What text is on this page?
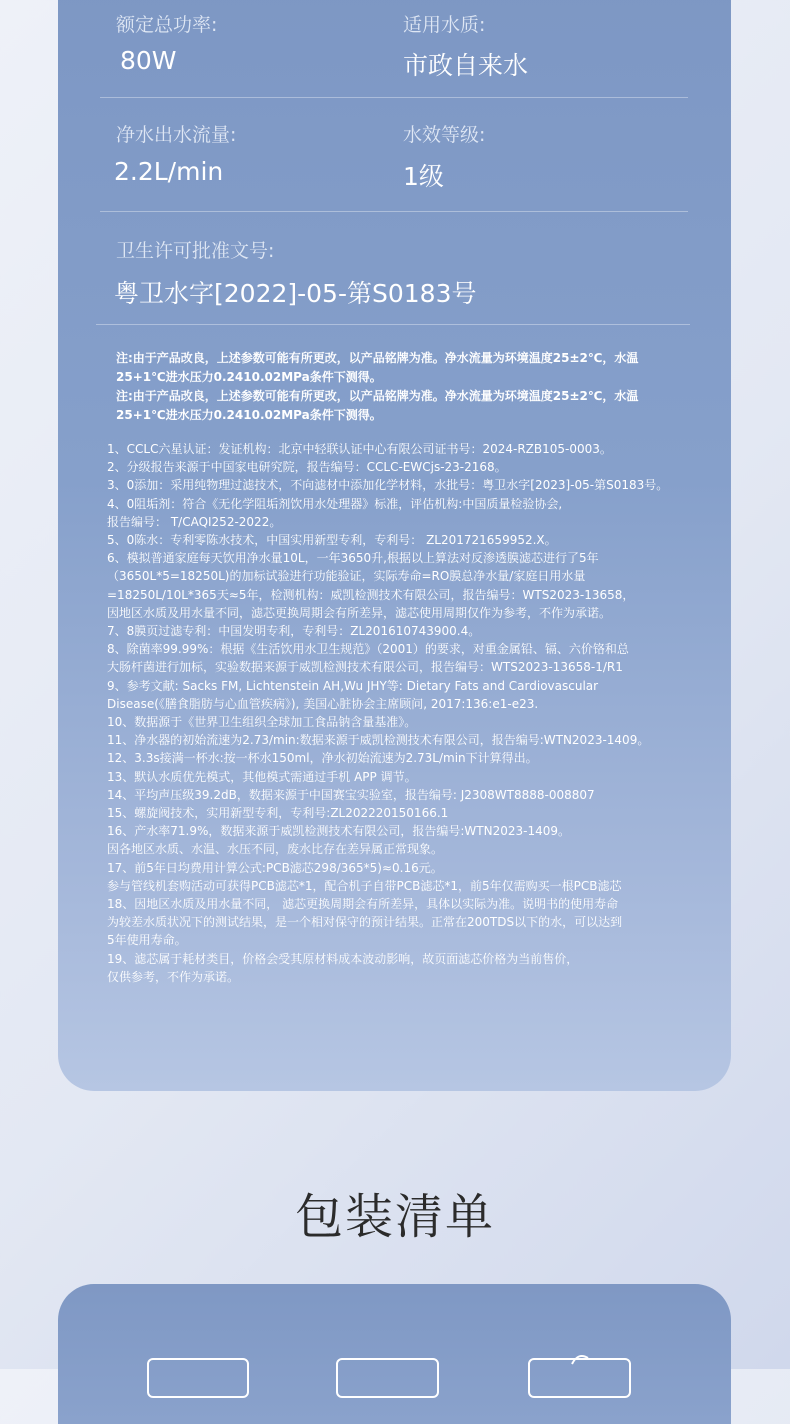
额定总功率:
80W
适用水质:
市政自来水
净水出水流量:
2.2L/min
水效等级:
1级
卫生许可批准文号:
粤卫水字[2022]-05-第S0183号
注:由于产品改良，上述参数可能有所更改，以产品铭牌为准。净水流量为环境温度25±2℃，水温25+1℃进水压力0.2410.02MPa条件下测得。
注:由于产品改良，上述参数可能有所更改，以产品铭牌为准。净水流量为环境温度25±2℃，水温25+1℃进水压力0.2410.02MPa条件下测得。
1、CCLC六星认证：发证机构：北京中轻联认证中心有限公司证书号：2024-RZB105-0003。
2、分级报告来源于中国家电研究院，报告编号：CCLC-EWCjs-23-2168。
3、0添加：采用纯物理过滤技术，不向滤材中添加化学材料，水批号：粤卫水字[2023]-05-第S0183号。
4、0阻垢剂：符合《无化学阻垢剂饮用水处理器》标准，评估机构:中国质量检验协会,
报告编号： T/CAQI252-2022。
5、0陈水：专利零陈水技术，中国实用新型专利，专利号： ZL201721659952.X。
6、模拟普通家庭每天饮用净水量10L，一年3650升,根据以上算法对反渗透膜滤芯进行了5年
（3650L*5=18250L)的加标试验进行功能验证，实际寿命=RO膜总净水量/家庭日用水量
=18250L/10L*365天≈5年，检测机构：威凯检测技术有限公司，报告编号：WTS2023-13658，
因地区水质及用水量不同，滤芯更换周期会有所差异，滤芯使用周期仅作为参考，不作为承诺。
7、8膜页过滤专利：中国发明专利，专利号：ZL201610743900.4。
8、除菌率99.99%：根据《生活饮用水卫生规范》（2001）的要求，对重金属铅、镉、六价铬和总
大肠杆菌进行加标，实验数据来源于威凯检测技术有限公司，报告编号：WTS2023-13658-1/R1
9、参考文献: Sacks FM, Lichtenstein AH,Wu JHY等: Dietary Fats and Cardiovascular
Disease(《膳食脂肪与心血管疾病》), 美国心脏协会主席顾问, 2017:136:e1-e23.
10、数据源于《世界卫生组织全球加工食品钠含量基准》。
11、净水器的初始流速为2.73/min:数据来源于威凯检测技术有限公司，报告编号:WTN2023-1409。
12、3.3s接满一杯水:按一杯水150ml，净水初始流速为2.73L/min下计算得出。
13、默认水质优先模式，其他模式需通过手机 APP 调节。
14、平均声压级39.2dB，数据来源于中国赛宝实验室，报告编号: J2308WT8888-008807
15、螺旋阀技术，实用新型专利，专利号:ZL202220150166.1
16、产水率71.9%，数据来源于威凯检测技术有限公司，报告编号:WTN2023-1409。
因各地区水质、水温、水压不同，废水比存在差异属正常现象。
17、前5年日均费用计算公式:PCB滤芯298/365*5)≈0.16元。
参与管线机套购活动可获得PCB滤芯*1，配合机子自带PCB滤芯*1，前5年仅需购买一根PCB滤芯
18、因地区水质及用水量不同， 滤芯更换周期会有所差异，具体以实际为准。说明书的使用寿命
为较差水质状况下的测试结果，是一个相对保守的预计结果。正常在200TDS以下的水，可以达到
5年使用寿命。
19、滤芯属于耗材类目，价格会受其原材料成本波动影响，故页面滤芯价格为当前售价，
仅供参考，不作为承诺。
包装清单
